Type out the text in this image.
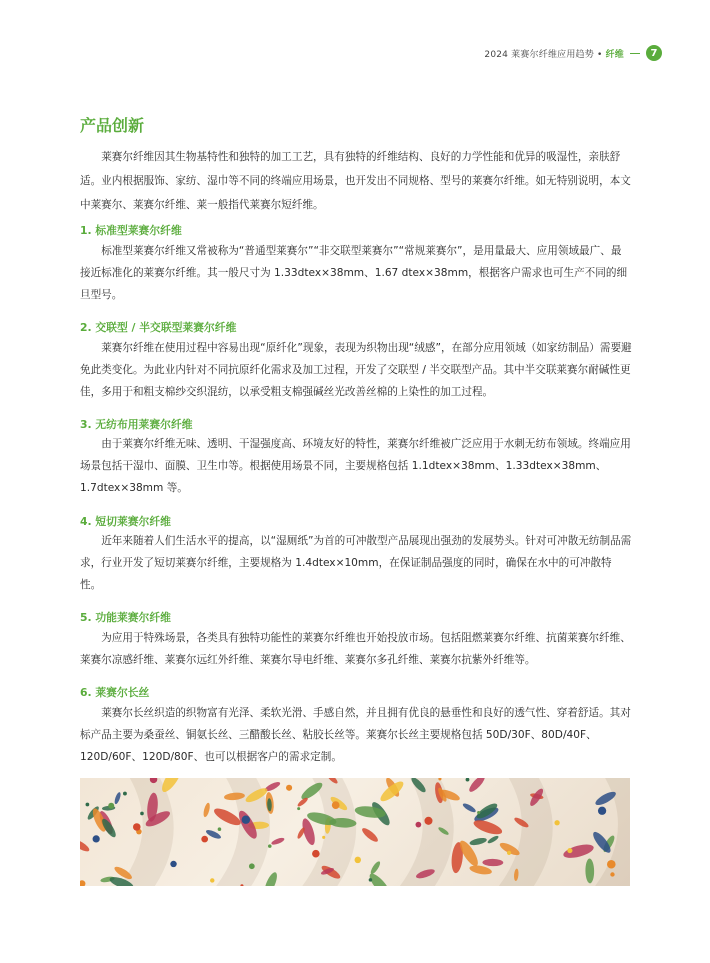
2024 莱赛尔纤维应用趋势 • 纤维	7
产品创新

莱赛尔纤维因其生物基特性和独特的加工工艺，具有独特的纤维结构、良好的力学性能和优异的吸湿性，亲肤舒适。业内根据服饰、家纺、湿巾等不同的终端应用场景，也开发出不同规格、型号的莱赛尔纤维。如无特别说明，本文中莱赛尔、莱赛尔纤维、莱一般指代莱赛尔短纤维。

1. 标准型莱赛尔纤维

标准型莱赛尔纤维又常被称为“普通型莱赛尔”“非交联型莱赛尔”“常规莱赛尔”，是用量最大、应用领域最广、最接近标准化的莱赛尔纤维。其一般尺寸为 1.33dtex×38mm、1.67 dtex×38mm，根据客户需求也可生产不同的细旦型号。

2. 交联型 / 半交联型莱赛尔纤维

莱赛尔纤维在使用过程中容易出现“原纤化”现象，表现为织物出现“绒感”，在部分应用领域（如家纺制品）需要避免此类变化。为此业内针对不同抗原纤化需求及加工过程，开发了交联型 / 半交联型产品。其中半交联莱赛尔耐碱性更佳，多用于和粗支棉纱交织混纺，以承受粗支棉强碱丝光改善丝棉的上染性的加工过程。

3. 无纺布用莱赛尔纤维

由于莱赛尔纤维无味、透明、干湿强度高、环境友好的特性，莱赛尔纤维被广泛应用于水刺无纺布领域。终端应用场景包括干湿巾、面膜、卫生巾等。根据使用场景不同，主要规格包括 1.1dtex×38mm、1.33dtex×38mm、1.7dtex×38mm 等。

4. 短切莱赛尔纤维

近年来随着人们生活水平的提高，以“湿厕纸”为首的可冲散型产品展现出强劲的发展势头。针对可冲散无纺制品需求，行业开发了短切莱赛尔纤维，主要规格为 1.4dtex×10mm，在保证制品强度的同时，确保在水中的可冲散特性。

5. 功能莱赛尔纤维

为应用于特殊场景，各类具有独特功能性的莱赛尔纤维也开始投放市场。包括阻燃莱赛尔纤维、抗菌莱赛尔纤维、莱赛尔凉感纤维、莱赛尔远红外纤维、莱赛尔导电纤维、莱赛尔多孔纤维、莱赛尔抗紫外纤维等。

6. 莱赛尔长丝

莱赛尔长丝织造的织物富有光泽、柔软光滑、手感自然，并且拥有优良的悬垂性和良好的透气性、穿着舒适。其对标产品主要为桑蚕丝、铜氨长丝、三醋酸长丝、粘胶长丝等。莱赛尔长丝主要规格包括 50D/30F、80D/40F、120D/60F、120D/80F、也可以根据客户的需求定制。
